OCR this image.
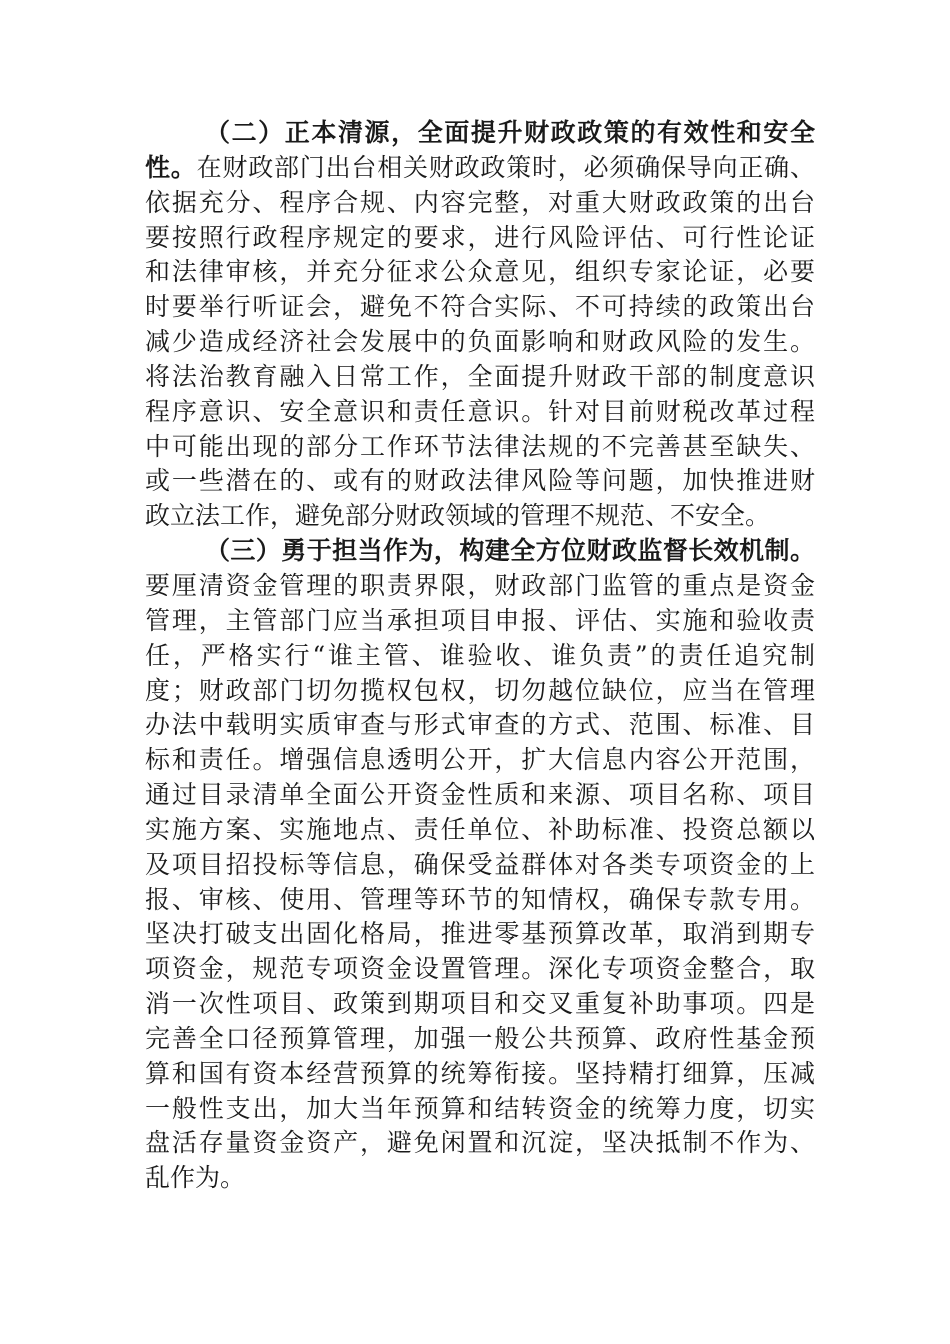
（二）正本清源，全面提升财政政策的有效性和安全
性。在财政部门出台相关财政政策时，必须确保导向正确、
依据充分、程序合规、内容完整，对重大财政政策的出台
要按照行政程序规定的要求，进行风险评估、可行性论证
和法律审核，并充分征求公众意见，组织专家论证，必要
时要举行听证会，避免不符合实际、不可持续的政策出台
减少造成经济社会发展中的负面影响和财政风险的发生。
将法治教育融入日常工作，全面提升财政干部的制度意识
程序意识、安全意识和责任意识。针对目前财税改革过程
中可能出现的部分工作环节法律法规的不完善甚至缺失、
或一些潜在的、或有的财政法律风险等问题，加快推进财
政立法工作，避免部分财政领域的管理不规范、不安全。
（三）勇于担当作为，构建全方位财政监督长效机制。
要厘清资金管理的职责界限，财政部门监管的重点是资金
管理，主管部门应当承担项目申报、评估、实施和验收责
任，严格实行“谁主管、谁验收、谁负责”的责任追究制
度；财政部门切勿揽权包权，切勿越位缺位，应当在管理
办法中载明实质审查与形式审查的方式、范围、标准、目
标和责任。增强信息透明公开，扩大信息内容公开范围，
通过目录清单全面公开资金性质和来源、项目名称、项目
实施方案、实施地点、责任单位、补助标准、投资总额以
及项目招投标等信息，确保受益群体对各类专项资金的上
报、审核、使用、管理等环节的知情权，确保专款专用。
坚决打破支出固化格局，推进零基预算改革，取消到期专
项资金，规范专项资金设置管理。深化专项资金整合，取
消一次性项目、政策到期项目和交叉重复补助事项。四是
完善全口径预算管理，加强一般公共预算、政府性基金预
算和国有资本经营预算的统筹衔接。坚持精打细算，压减
一般性支出，加大当年预算和结转资金的统筹力度，切实
盘活存量资金资产，避免闲置和沉淀，坚决抵制不作为、
乱作为。
